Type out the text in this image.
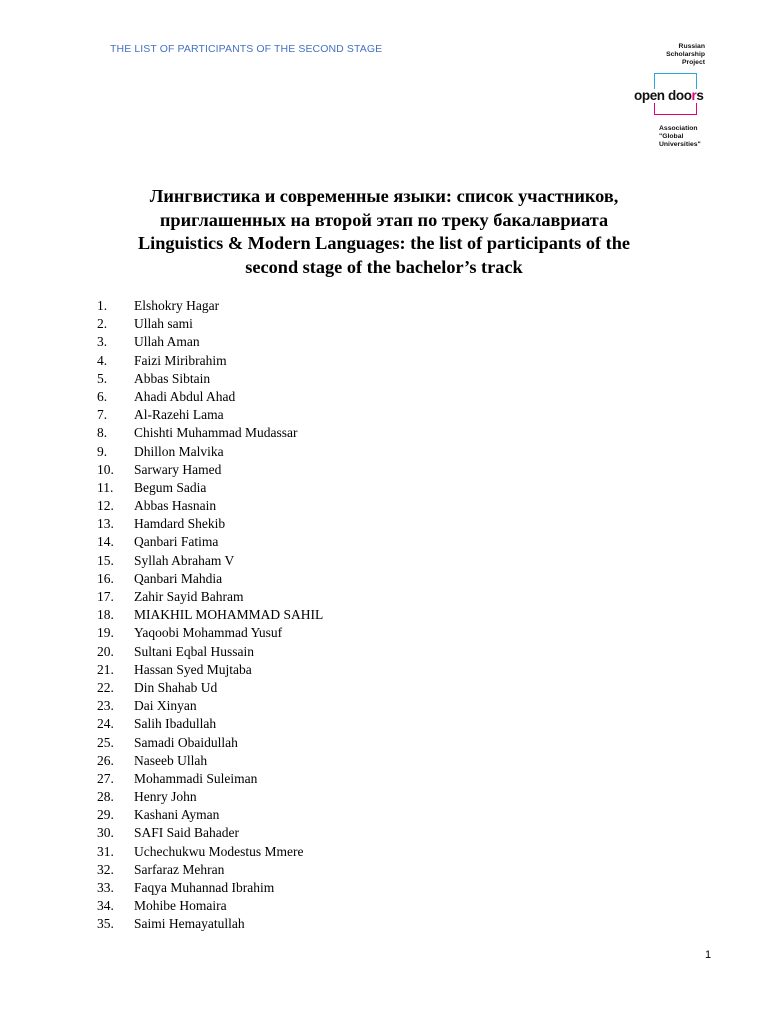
THE LIST OF PARTICIPANTS OF THE SECOND STAGE	Russian
Scholarship
Project
open doors
Association
"Global
Universities"
Лингвистика и современные языки: список участников,
приглашенных на второй этап по треку бакалавриата
Linguistics & Modern Languages: the list of participants of the
second stage of the bachelor’s track
1.	Elshokry Hagar
2.	Ullah sami
3.	Ullah Aman
4.	Faizi Miribrahim
5.	Abbas Sibtain
6.	Ahadi Abdul Ahad
7.	Al-Razehi Lama
8.	Chishti Muhammad Mudassar
9.	Dhillon Malvika
10.	Sarwary Hamed
11.	Begum Sadia
12.	Abbas Hasnain
13.	Hamdard Shekib
14.	Qanbari Fatima
15.	Syllah Abraham V
16.	Qanbari Mahdia
17.	Zahir Sayid Bahram
18.	MIAKHIL MOHAMMAD SAHIL
19.	Yaqoobi Mohammad Yusuf
20.	Sultani Eqbal Hussain
21.	Hassan Syed Mujtaba
22.	Din Shahab Ud
23.	Dai Xinyan
24.	Salih Ibadullah
25.	Samadi Obaidullah
26.	Naseeb Ullah
27.	Mohammadi Suleiman
28.	Henry John
29.	Kashani Ayman
30.	SAFI Said Bahader
31.	Uchechukwu Modestus Mmere
32.	Sarfaraz Mehran
33.	Faqya Muhannad Ibrahim
34.	Mohibe Homaira
35.	Saimi Hemayatullah
1
